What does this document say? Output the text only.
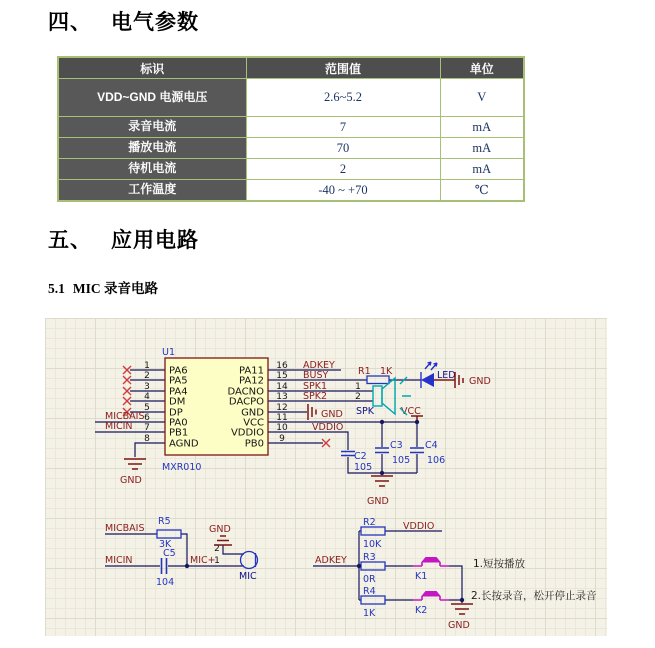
四、 电气参数
标识	范围值	单位
VDD~GND 电源电压	2.6~5.2	V
录音电流	7	mA
播放电流	70	mA
待机电流	2	mA
工作温度	-40 ~ +70	℃
五、 应用电路
5.1 MIC 录音电路
U1
MXR010
PA6
PA5
PA4
DM
DP
PA0
PB1
AGND
PA11
PA12
DACNO
DACPO
GND
VCC
VDDIO
PB0
1
2
3
4
5
6
7
8
16
15
14
13
12
11
10
9
MICBAIS
MICIN
ADKEY
BUSY
SPK1
SPK2
GND	VCC
VDDIO
GND
R1 1K	LED
GND
1
2
SPK
C2
105
C3
105
C4
106
GND
MICBAIS
R5
3K
MICIN
C5
104
MIC+
GND
2
1
MIC
ADKEY
R2
10K
VDDIO
R3
0R
R4
1K
K1
K2
GND
1.短按播放
2.长按录音，松开停止录音
